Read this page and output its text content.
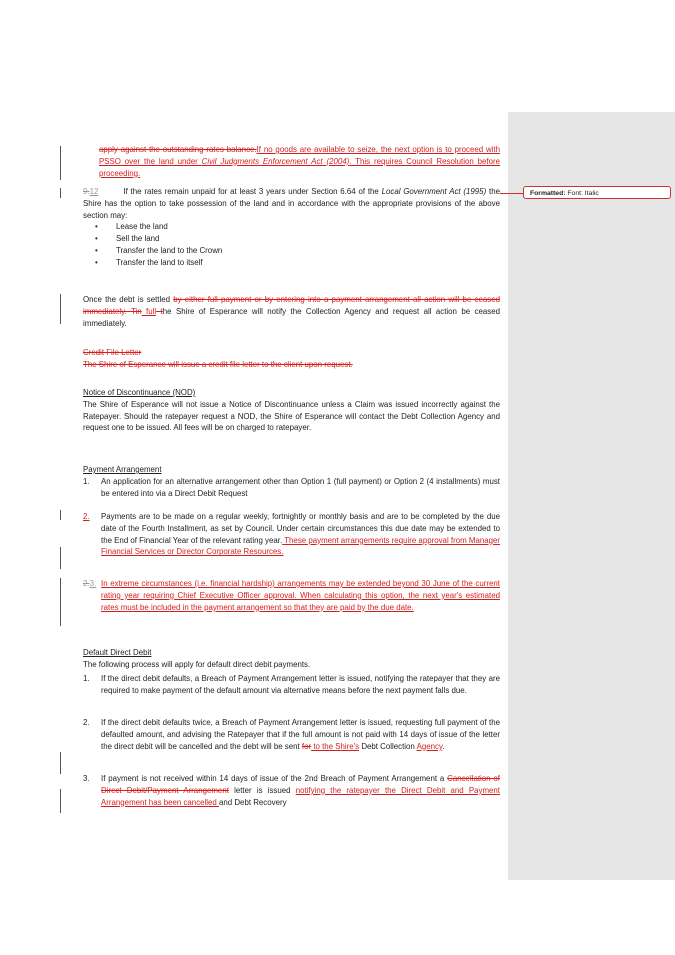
Formatted: Font: Italic
apply against the outstanding rates balance.If no goods are available to seize, the next option is to proceed with PSSO over the land under Civil Judgments Enforcement Act (2004). This requires Council Resolution before proceeding.
9.12	If the rates remain unpaid for at least 3 years under Section 6.64 of the Local Government Act (1995) the Shire has the option to take possession of the land and in accordance with the appropriate provisions of the above section may:
• Lease the land
• Sell the land
• Transfer the land to the Crown
• Transfer the land to itself
Once the debt is settled by either full payment or by entering into a payment arrangement all action will be ceased immediately. Tin full the Shire of Esperance will notify the Collection Agency and request all action be ceased immediately.
Credit File Letter
The Shire of Esperance will issue a credit file letter to the client upon request.
Notice of Discontinuance (NOD)
The Shire of Esperance will not issue a Notice of Discontinuance unless a Claim was issued incorrectly against the Ratepayer. Should the ratepayer request a NOD, the Shire of Esperance will contact the Debt Collection Agency and request one to be issued. All fees will be on charged to ratepayer.
Payment Arrangement
1. An application for an alternative arrangement other than Option 1 (full payment) or Option 2 (4 installments) must be entered into via a Direct Debit Request
2. Payments are to be made on a regular weekly, fortnightly or monthly basis and are to be completed by the due date of the Fourth Installment, as set by Council. Under certain circumstances this due date may be extended to the End of Financial Year of the relevant rating year. These payment arrangements require approval from Manager Financial Services or Director Corporate Resources.
2.3. In extreme circumstances (i.e. financial hardship) arrangements may be extended beyond 30 June of the current rating year requiring Chief Executive Officer approval. When calculating this option, the next year's estimated rates must be included in the payment arrangement so that they are paid by the due date.
Default Direct Debit
The following process will apply for default direct debit payments.
1. If the direct debit defaults, a Breach of Payment Arrangement letter is issued, notifying the ratepayer that they are required to make payment of the default amount via alternative means before the next payment falls due.
2. If the direct debit defaults twice, a Breach of Payment Arrangement letter is issued, requesting full payment of the defaulted amount, and advising the Ratepayer that if the full amount is not paid with 14 days of issue of the letter the direct debit will be cancelled and the debt will be sent for to the Shire's Debt Collection Agency.
3. If payment is not received within 14 days of issue of the 2nd Breach of Payment Arrangement a Cancellation of Direct Debit/Payment Arrangement letter is issued notifying the ratepayer the Direct Debit and Payment Arrangement has been cancelled and Debt Recovery
